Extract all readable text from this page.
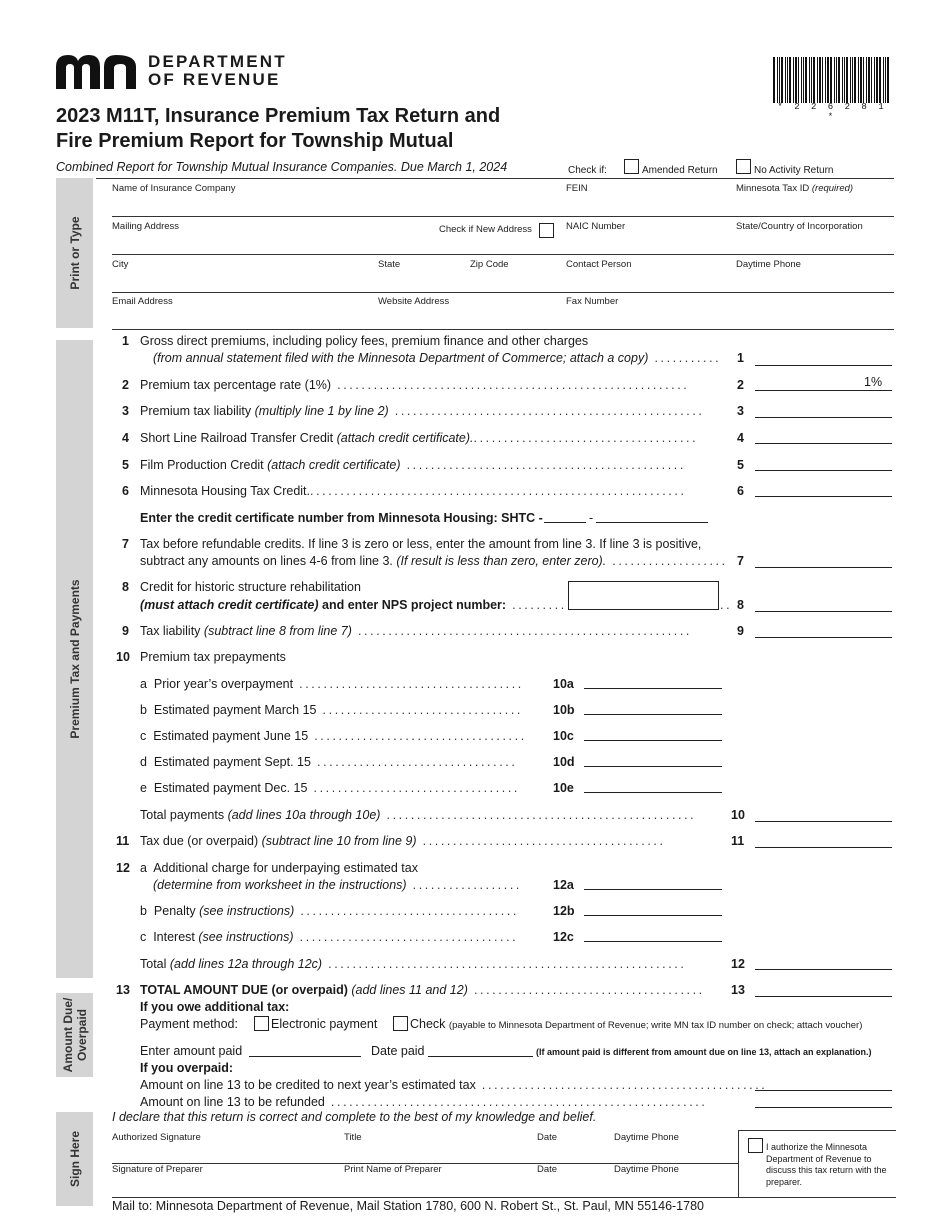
DEPARTMENT
OF REVENUE
* 2 2 6 2 8 1 *
2023 M11T, Insurance Premium Tax Return and
Fire Premium Report for Township Mutual
Combined Report for Township Mutual Insurance Companies. Due March 1, 2024	Check if:	Amended Return	No Activity Return
Print or Type
Premium Tax and Payments
Amount Due/ Overpaid
Sign Here
Name of Insurance Company	FEIN	Minnesota Tax ID (required)
Mailing Address	Check if New Address	NAIC Number	State/Country of Incorporation
City	State	Zip Code	Contact Person	Daytime Phone
Email Address	Website Address	Fax Number
1 Gross direct premiums, including policy fees, premium finance and other charges
(from annual statement filed with the Minnesota Department of Commerce; attach a copy) ........... 1
2 Premium tax percentage rate (1%) ..........................................................	2	1%
3 Premium tax liability (multiply line 1 by line 2) ...................................................	3
4 Short Line Railroad Transfer Credit (attach credit certificate)......................................	4
5 Film Production Credit (attach credit certificate) ..............................................	5
6 Minnesota Housing Tax Credit...............................................................	6
Enter the credit certificate number from Minnesota Housing: SHTC -	-
7 Tax before refundable credits. If line 3 is zero or less, enter the amount from line 3. If line 3 is positive,
subtract any amounts on lines 4-6 from line 3. (If result is less than zero, enter zero). ................... 7
8 Credit for historic structure rehabilitation
(must attach credit certificate) and enter NPS project number: .........	.. 8
9 Tax liability (subtract line 8 from line 7) .......................................................	9
10 Premium tax prepayments
a Prior year’s overpayment ..................................... 10a
b Estimated payment March 15 ................................. 10b
c Estimated payment June 15 ................................... 10c
d Estimated payment Sept. 15 .................................	10d
e Estimated payment Dec. 15 ..................................	10e
Total payments (add lines 10a through 10e) ...................................................	10
11 Tax due (or overpaid) (subtract line 10 from line 9) ........................................	11
12 a Additional charge for underpaying estimated tax
(determine from worksheet in the instructions) .................. 12a
b Penalty (see instructions) ....................................	12b
c Interest (see instructions) ....................................	12c
Total (add lines 12a through 12c) ...........................................................	12
13 TOTAL AMOUNT DUE (or overpaid) (add lines 11 and 12) ...................................... 13
If you owe additional tax:
Payment method:	Electronic payment	Check (payable to Minnesota Department of Revenue; write MN tax ID number on check; attach voucher)
Enter amount paid	Date paid	(If amount paid is different from amount due on line 13, attach an explanation.)
If you overpaid:
Amount on line 13 to be credited to next year’s estimated tax ...............................................
Amount on line 13 to be refunded ..............................................................
I declare that this return is correct and complete to the best of my knowledge and belief.
Authorized Signature	Title	Date	Daytime Phone
Signature of Preparer	Print Name of Preparer	Date	Daytime Phone
I authorize the Minnesota Department of Revenue to discuss this tax return with the preparer.
Mail to: Minnesota Department of Revenue, Mail Station 1780, 600 N. Robert St., St. Paul, MN 55146-1780
